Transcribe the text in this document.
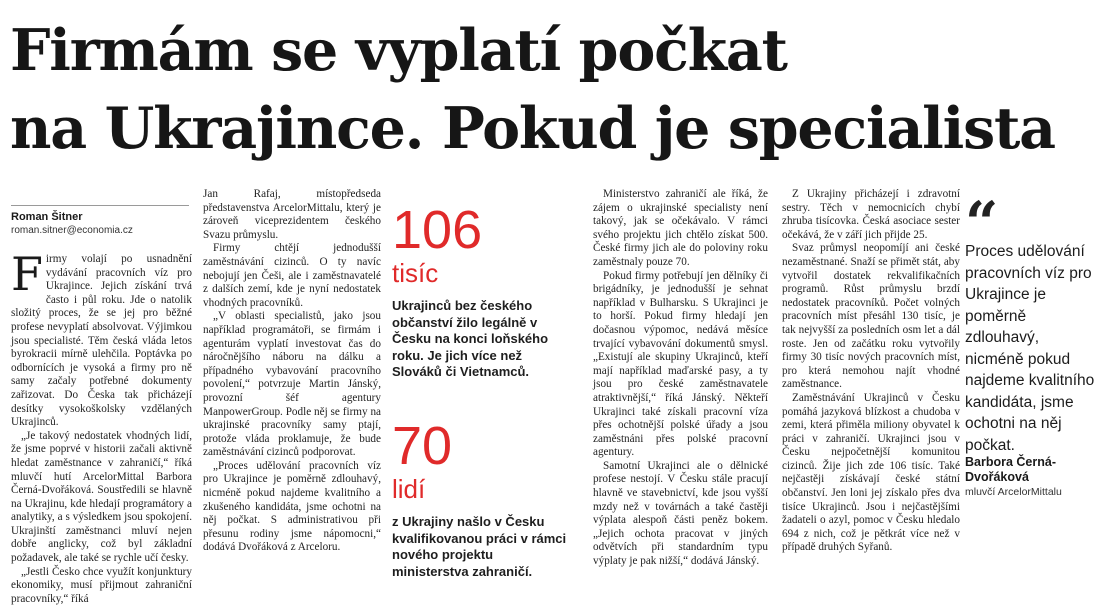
Firmám se vyplatí počkat
na Ukrajince. Pokud je specialista
Roman Šitner
roman.sitner@economia.cz

Firmy volají po usnadnění vydávání pracovních víz pro Ukrajince. Jejich získání trvá často i půl roku. Jde o natolik složitý proces, že se jej pro běžné profese nevyplatí absolvovat. Výjimkou jsou specialisté. Těm česká vláda letos byrokracii mírně ulehčila. Poptávka po odbornících je vysoká a firmy pro ně samy začaly potřebné dokumenty zařizovat. Do Česka tak přicházejí desítky vysokoškolsky vzdělaných Ukrajinců.

„Je takový nedostatek vhodných lidí, že jsme poprvé v historii začali aktivně hledat zaměstnance v zahraničí,“ říká mluvčí hutí ArcelorMittal Barbora Černá-Dvořáková. Soustředili se hlavně na Ukrajinu, kde hledají programátory a analytiky, a s výsledkem jsou spokojení. Ukrajinští zaměstnanci mluví nejen dobře anglicky, což byl základní požadavek, ale také se rychle učí česky.

„Jestli Česko chce využít konjunktury ekonomiky, musí přijmout zahraniční pracovníky,“ říká

Jan Rafaj, místopředseda představenstva ArcelorMittalu, který je zároveň viceprezidentem českého Svazu průmyslu.

Firmy chtějí jednodušší zaměstnávání cizinců. O ty navíc nebojují jen Češi, ale i zaměstnavatelé z dalších zemí, kde je nyní nedostatek vhodných pracovníků.

„V oblasti specialistů, jako jsou například programátoři, se firmám i agenturám vyplatí investovat čas do náročnějšího náboru na dálku a případného vybavování pracovního povolení,“ potvrzuje Martin Jánský, provozní šéf agentury ManpowerGroup. Podle něj se firmy na ukrajinské pracovníky samy ptají, protože vláda proklamuje, že bude zaměstnávání cizinců podporovat.

„Proces udělování pracovních víz pro Ukrajince je poměrně zdlouhavý, nicméně pokud najdeme kvalitního a zkušeného kandidáta, jsme ochotni na něj počkat. S administrativou při přesunu rodiny jsme nápomocni,“ dodává Dvořáková z Arceloru.

106
tisíc
Ukrajinců bez českého občanství žilo legálně v Česku na konci loňského roku. Je jich více než Slováků či Vietnamců.
70
lidí
z Ukrajiny našlo v Česku kvalifikovanou práci v rámci nového projektu ministerstva zahraničí.

Ministerstvo zahraničí ale říká, že zájem o ukrajinské specialisty není takový, jak se očekávalo. V rámci svého projektu jich chtělo získat 500. České firmy jich ale do poloviny roku zaměstnaly pouze 70.

Pokud firmy potřebují jen dělníky či brigádníky, je jednodušší je sehnat například v Bulharsku. S Ukrajinci je to horší. Pokud firmy hledají jen dočasnou výpomoc, nedává měsíce trvající vybavování dokumentů smysl. „Existují ale skupiny Ukrajinců, kteří mají například maďarské pasy, a ty jsou pro české zaměstnavatele atraktivnější,“ říká Jánský. Někteří Ukrajinci také získali pracovní víza přes ochotnější polské úřady a jsou zaměstnáni přes polské pracovní agentury.

Samotní Ukrajinci ale o dělnické profese nestojí. V Česku stále pracují hlavně ve stavebnictví, kde jsou vyšší mzdy než v továrnách a také častěji výplata alespoň části peněz bokem. „Jejich ochota pracovat v jiných odvětvích při standardním typu výplaty je pak nižší,“ dodává Jánský.

Z Ukrajiny přicházejí i zdravotní sestry. Těch v nemocnicích chybí zhruba tisícovka. Česká asociace sester očekává, že v září jich přijde 25.

Svaz průmysl neopomíjí ani české nezaměstnané. Snaží se přimět stát, aby vytvořil dostatek rekvalifikačních programů. Růst průmyslu brzdí nedostatek pracovníků. Počet volných pracovních míst přesáhl 130 tisíc, je tak nejvyšší za posledních osm let a dál roste. Jen od začátku roku vytvořily firmy 30 tisíc nových pracovních míst, pro která nemohou najít vhodné zaměstnance.

Zaměstnávání Ukrajinců v Česku pomáhá jazyková blízkost a chudoba v zemi, která přimělа miliony obyvatel k práci v zahraničí. Ukrajinci jsou v Česku nejpočetnější komunitou cizinců. Žije jich zde 106 tisíc. Také nejčastěji získávají české státní občanství. Jen loni jej získalo přes dva tisíce Ukrajinců. Jsou i nejčastějšími žadateli o azyl, pomoc v Česku hledalo 694 z nich, což je pětkrát více než v případě druhých Syřanů.

“
Proces udělování pracovních víz pro Ukrajince je poměrně zdlouhavý, nicméně pokud najdeme kvalitního kandidáta, jsme ochotni na něj počkat.
Barbora Černá-Dvořáková
mluvčí ArcelorMittalu
